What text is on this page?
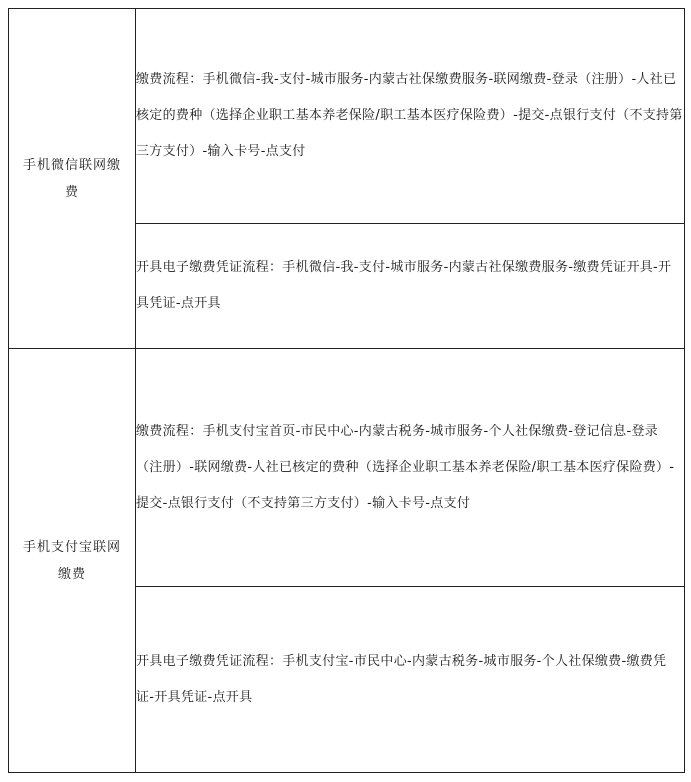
手机微信联网缴费	缴费流程：手机微信-我-支付-城市服务-内蒙古社保缴费服务-联网缴费-登录（注册）-人社已核定的费种（选择企业职工基本养老保险/职工基本医疗保险费）-提交-点银行支付（不支持第三方支付）-输入卡号-点支付

	开具电子缴费凭证流程：手机微信-我-支付-城市服务-内蒙古社保缴费服务-缴费凭证开具-开具凭证-点开具

手机支付宝联网缴费	缴费流程：手机支付宝首页-市民中心-内蒙古税务-城市服务-个人社保缴费-登记信息-登录（注册）-联网缴费-人社已核定的费种（选择企业职工基本养老保险/职工基本医疗保险费）-提交-点银行支付（不支持第三方支付）-输入卡号-点支付

	开具电子缴费凭证流程：手机支付宝-市民中心-内蒙古税务-城市服务-个人社保缴费-缴费凭证-开具凭证-点开具
